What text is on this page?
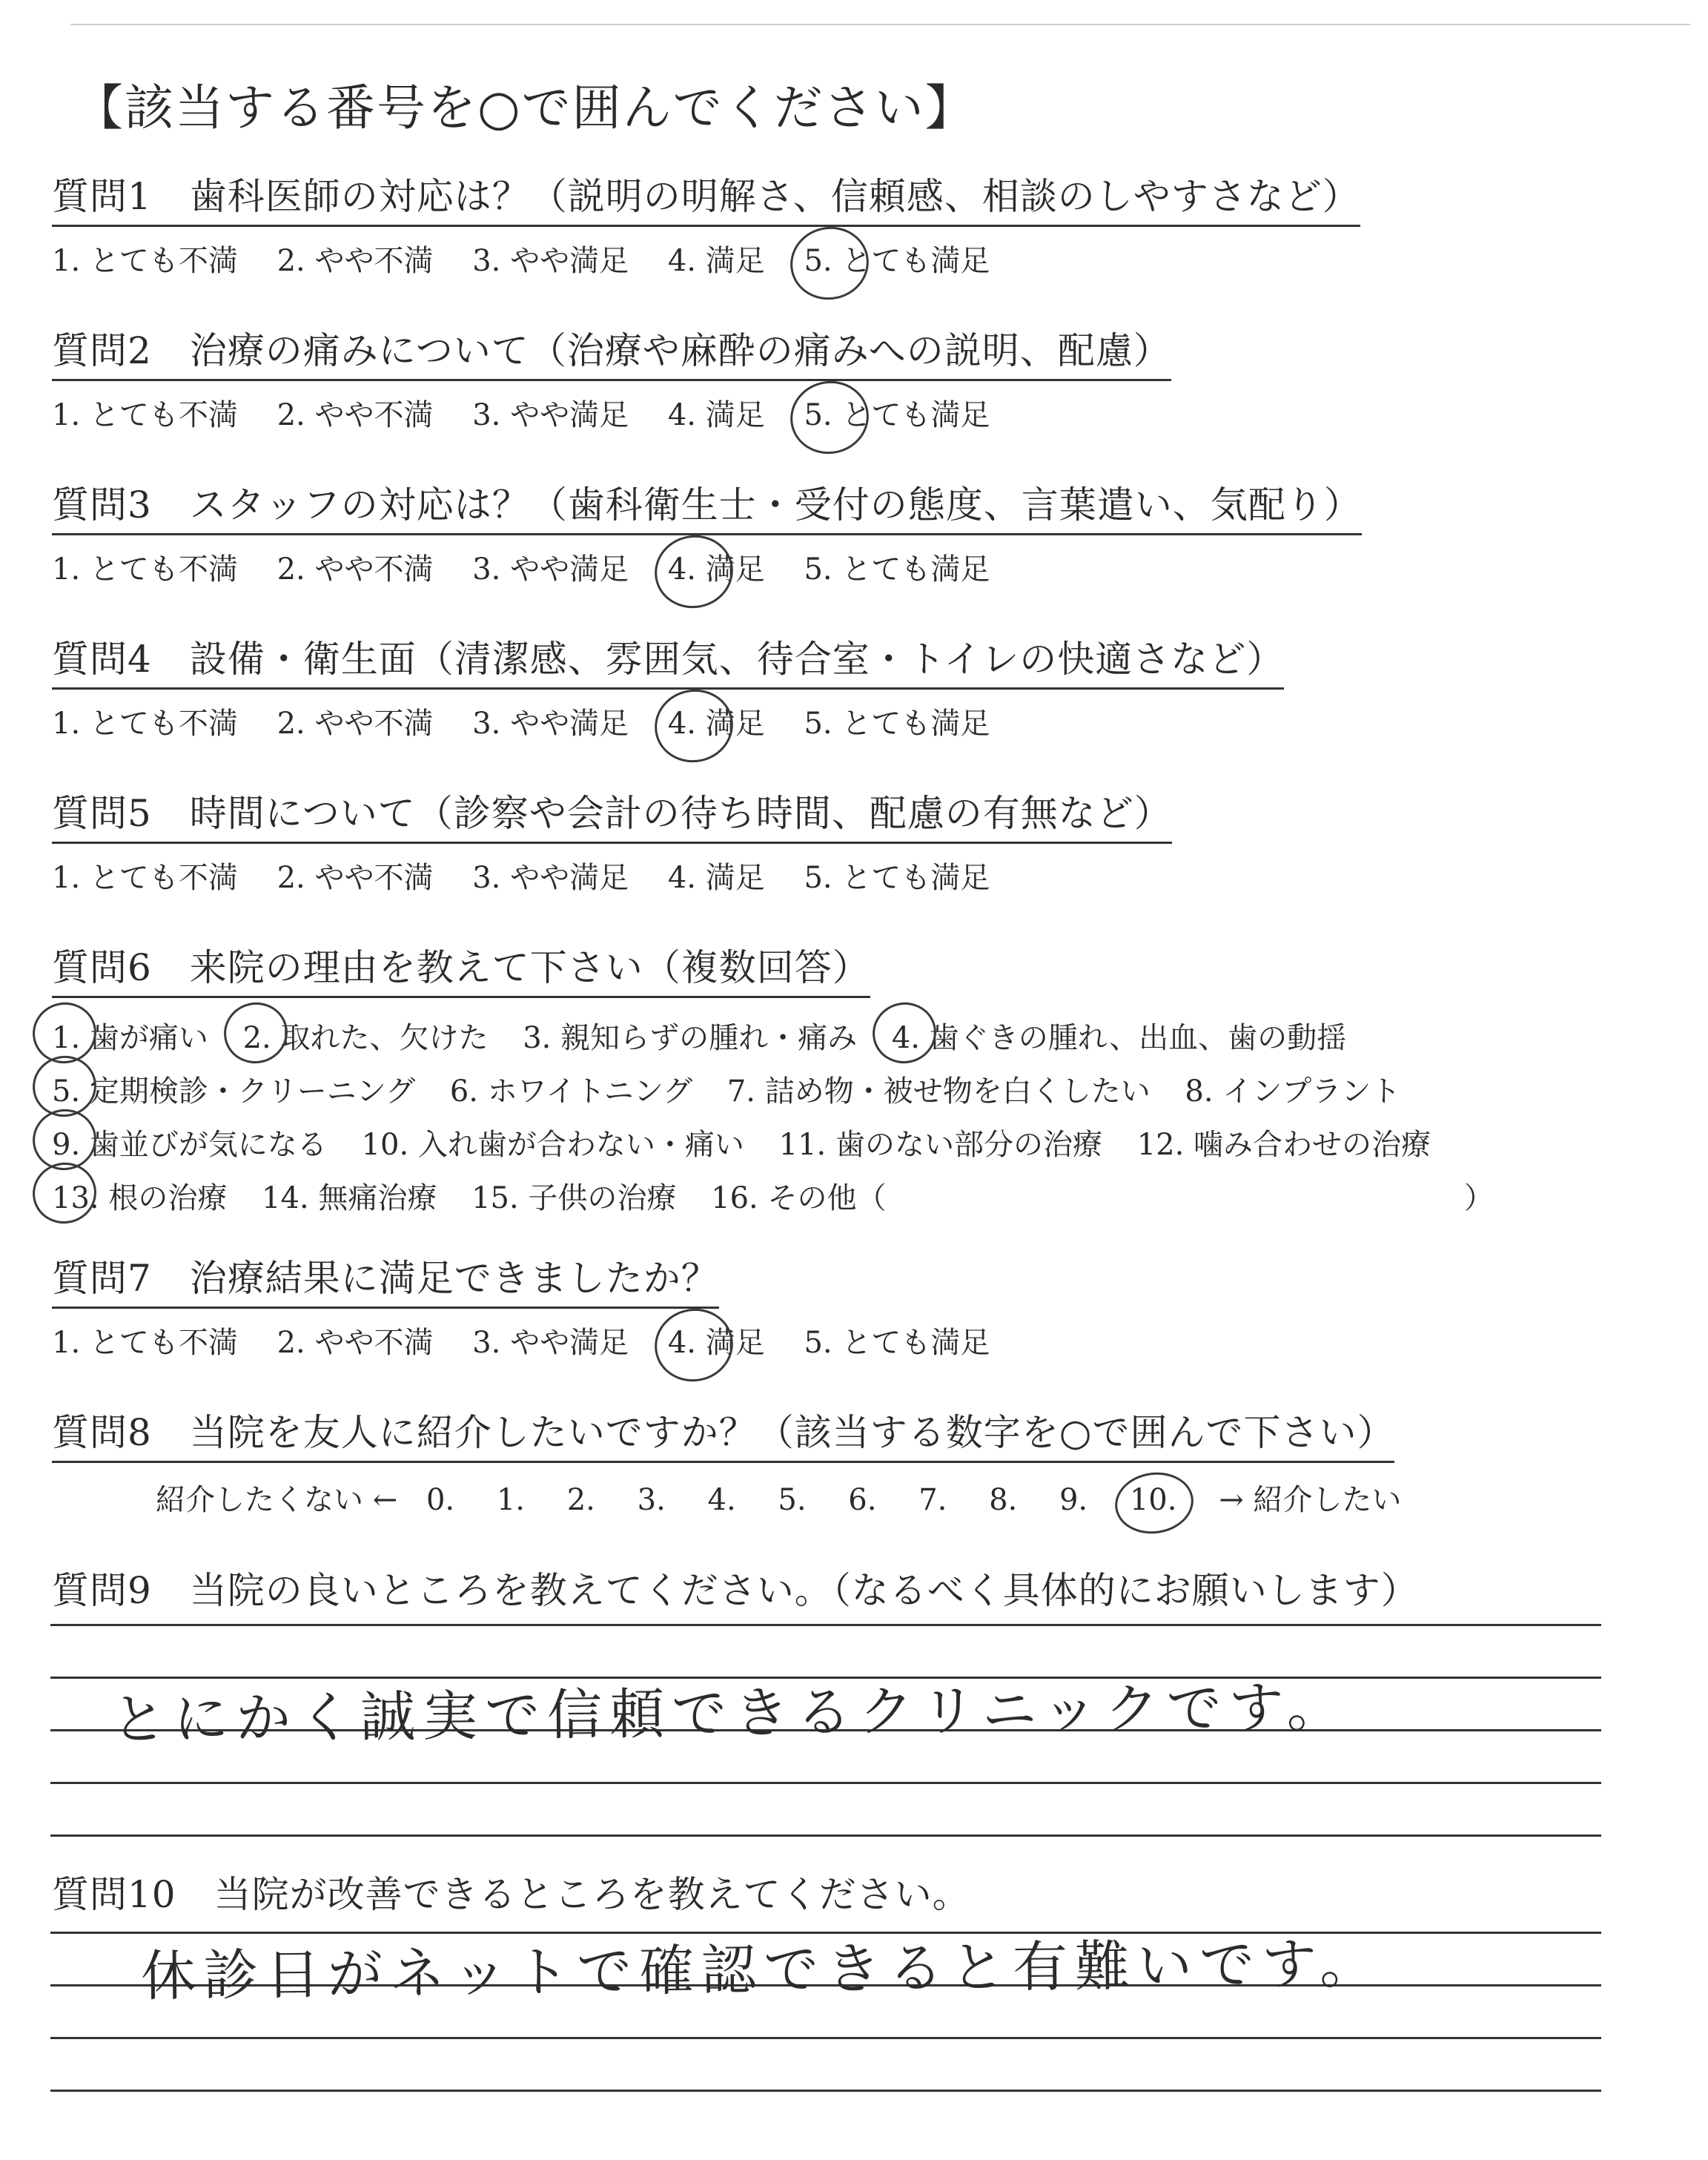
【該当する番号を○で囲んでください】
質問1　歯科医師の対応は？（説明の明解さ、信頼感、相談のしやすさなど）
1. とても不満 2. やや不満 3. やや満足 4. 満足 5. とても満足
質問2　治療の痛みについて（治療や麻酔の痛みへの説明、配慮）
1. とても不満 2. やや不満 3. やや満足 4. 満足 5. とても満足
質問3　スタッフの対応は？（歯科衛生士・受付の態度、言葉遣い、気配り）
1. とても不満 2. やや不満 3. やや満足 4. 満足 5. とても満足
質問4　設備・衛生面（清潔感、雰囲気、待合室・トイレの快適さなど）
1. とても不満 2. やや不満 3. やや満足 4. 満足 5. とても満足
質問5　時間について（診察や会計の待ち時間、配慮の有無など）
1. とても不満 2. やや不満 3. やや満足 4. 満足 5. とても満足
質問6　来院の理由を教えて下さい（複数回答）
1. 歯が痛い 2. 取れた、欠けた 3. 親知らずの腫れ・痛み 4. 歯ぐきの腫れ、出血、歯の動揺
5. 定期検診・クリーニング 6. ホワイトニング 7. 詰め物・被せ物を白くしたい 8. インプラント
9. 歯並びが気になる 10. 入れ歯が合わない・痛い 11. 歯のない部分の治療 12. 噛み合わせの治療
13. 根の治療 14. 無痛治療 15. 子供の治療 16. その他（	）
質問7　治療結果に満足できましたか？
1. とても不満 2. やや不満 3. やや満足 4. 満足 5. とても満足
質問8　当院を友人に紹介したいですか？（該当する数字を○で囲んで下さい）
紹介したくない ← 0. 1. 2. 3. 4. 5. 6. 7. 8. 9. 10. → 紹介したい
質問9　当院の良いところを教えてください。（なるべく具体的にお願いします）
とにかく誠実で信頼できるクリニックです。
質問10　当院が改善できるところを教えてください。
休診日がネットで確認できると有難いです。
